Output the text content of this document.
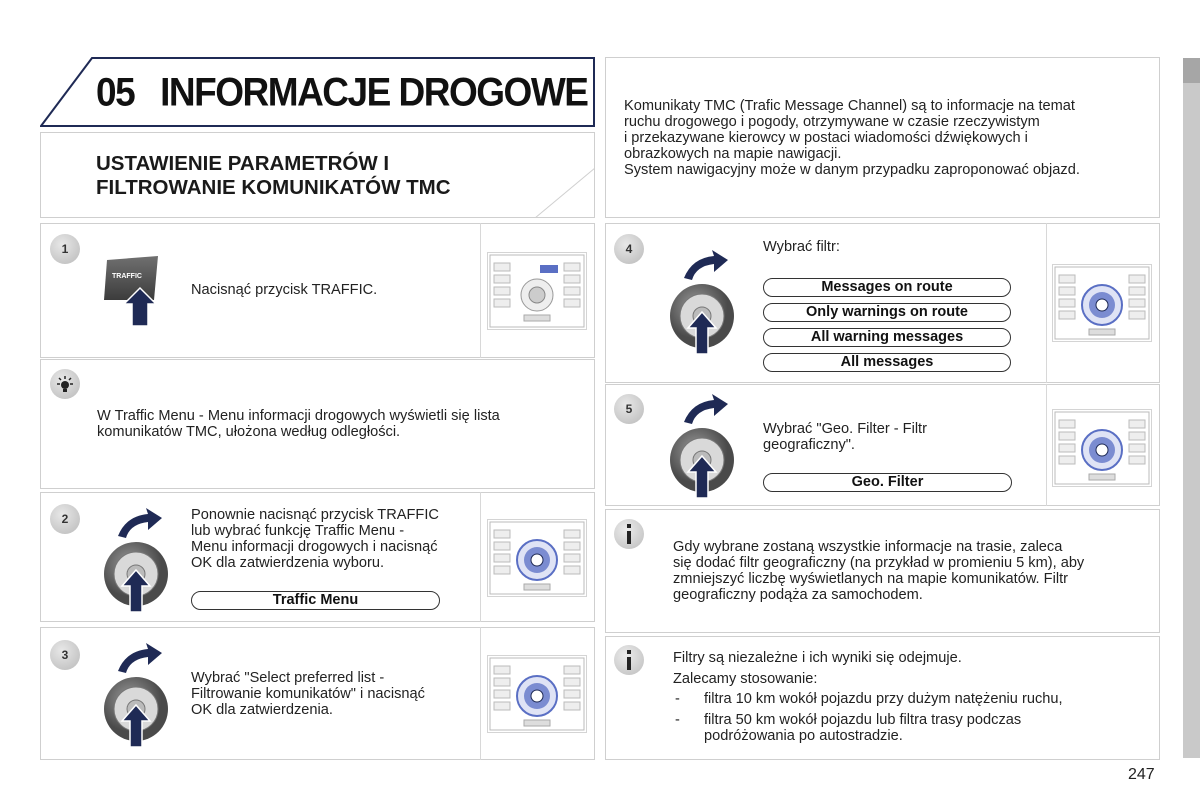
05 INFORMACJE DROGOWE
USTAWIENIE PARAMETRÓW I
FILTROWANIE KOMUNIKATÓW TMC
Komunikaty TMC (Trafic Message Channel) są to informacje na temat
ruchu drogowego i pogody, otrzymywane w czasie rzeczywistym
i przekazywane kierowcy w postaci wiadomości dźwiękowych i
obrazkowych na mapie nawigacji.
System nawigacyjny może w danym przypadku zaproponować objazd.
1
TRAFFIC
Nacisnąć przycisk TRAFFIC.
W Traffic Menu - Menu informacji drogowych wyświetli się lista
komunikatów TMC, ułożona według odległości.
2	Ponownie nacisnąć przycisk TRAFFIC
lub wybrać funkcję Traffic Menu -
Menu informacji drogowych i nacisnąć
OK dla zatwierdzenia wyboru.
Traffic Menu
3
Wybrać "Select preferred list -
Filtrowanie komunikatów" i nacisnąć
OK dla zatwierdzenia.
4	Wybrać filtr:
Messages on route
Only warnings on route
All warning messages
All messages
5
Wybrać "Geo. Filter - Filtr
geograficzny".
Geo. Filter
Gdy wybrane zostaną wszystkie informacje na trasie, zaleca
się dodać filtr geograficzny (na przykład w promieniu 5 km), aby
zmniejszyć liczbę wyświetlanych na mapie komunikatów. Filtr
geograficzny podąża za samochodem.
Filtry są niezależne i ich wyniki się odejmuje.
Zalecamy stosowanie:
- filtra 10 km wokół pojazdu przy dużym natężeniu ruchu,
- filtra 50 km wokół pojazdu lub filtra trasy podczas
podróżowania po autostradzie.
247
